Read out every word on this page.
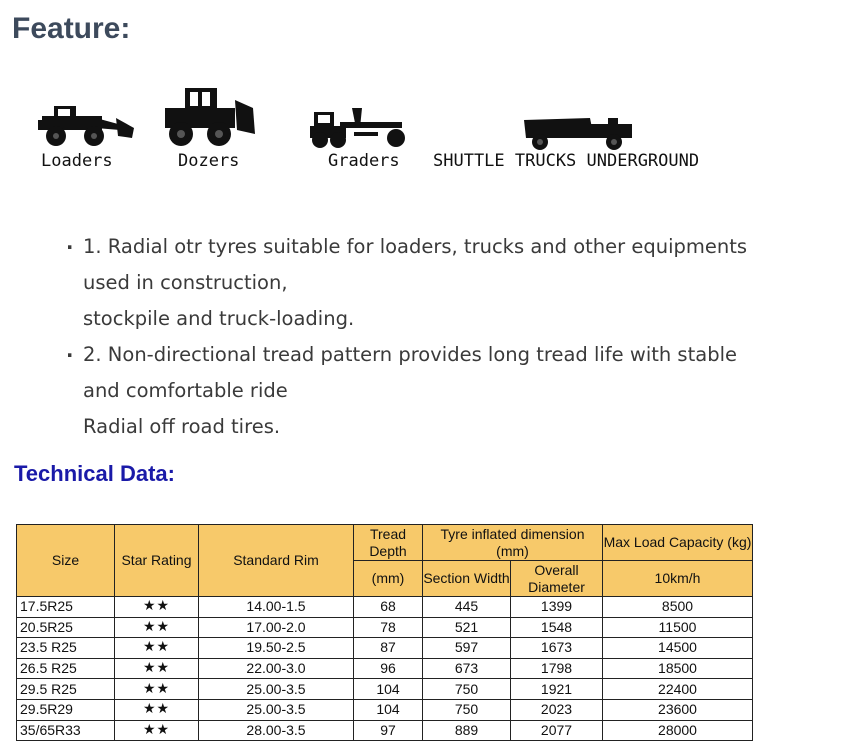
Feature:
Loaders	Dozers	Graders SHUTTLE TRUCKS UNDERGROUND
. 1. Radial otr tyres suitable for loaders, trucks and other equipments
used in construction,
stockpile and truck-loading.
. 2. Non-directional tread pattern provides long tread life with stable
and comfortable ride
Radial off road tires.
Technical Data:
Size	Star Rating	Standard Rim	Tread Depth	Tyre inflated dimension (mm)		Max Load Capacity (kg)
			(mm)	Section Width	Overall Diameter	10km/h
17.5R25	★★	14.00-1.5	68	445	1399	8500
20.5R25	★★	17.00-2.0	78	521	1548	11500
23.5 R25	★★	19.50-2.5	87	597	1673	14500
26.5 R25	★★	22.00-3.0	96	673	1798	18500
29.5 R25	★★	25.00-3.5	104	750	1921	22400
29.5R29	★★	25.00-3.5	104	750	2023	23600
35/65R33	★★	28.00-3.5	97	889	2077	28000
